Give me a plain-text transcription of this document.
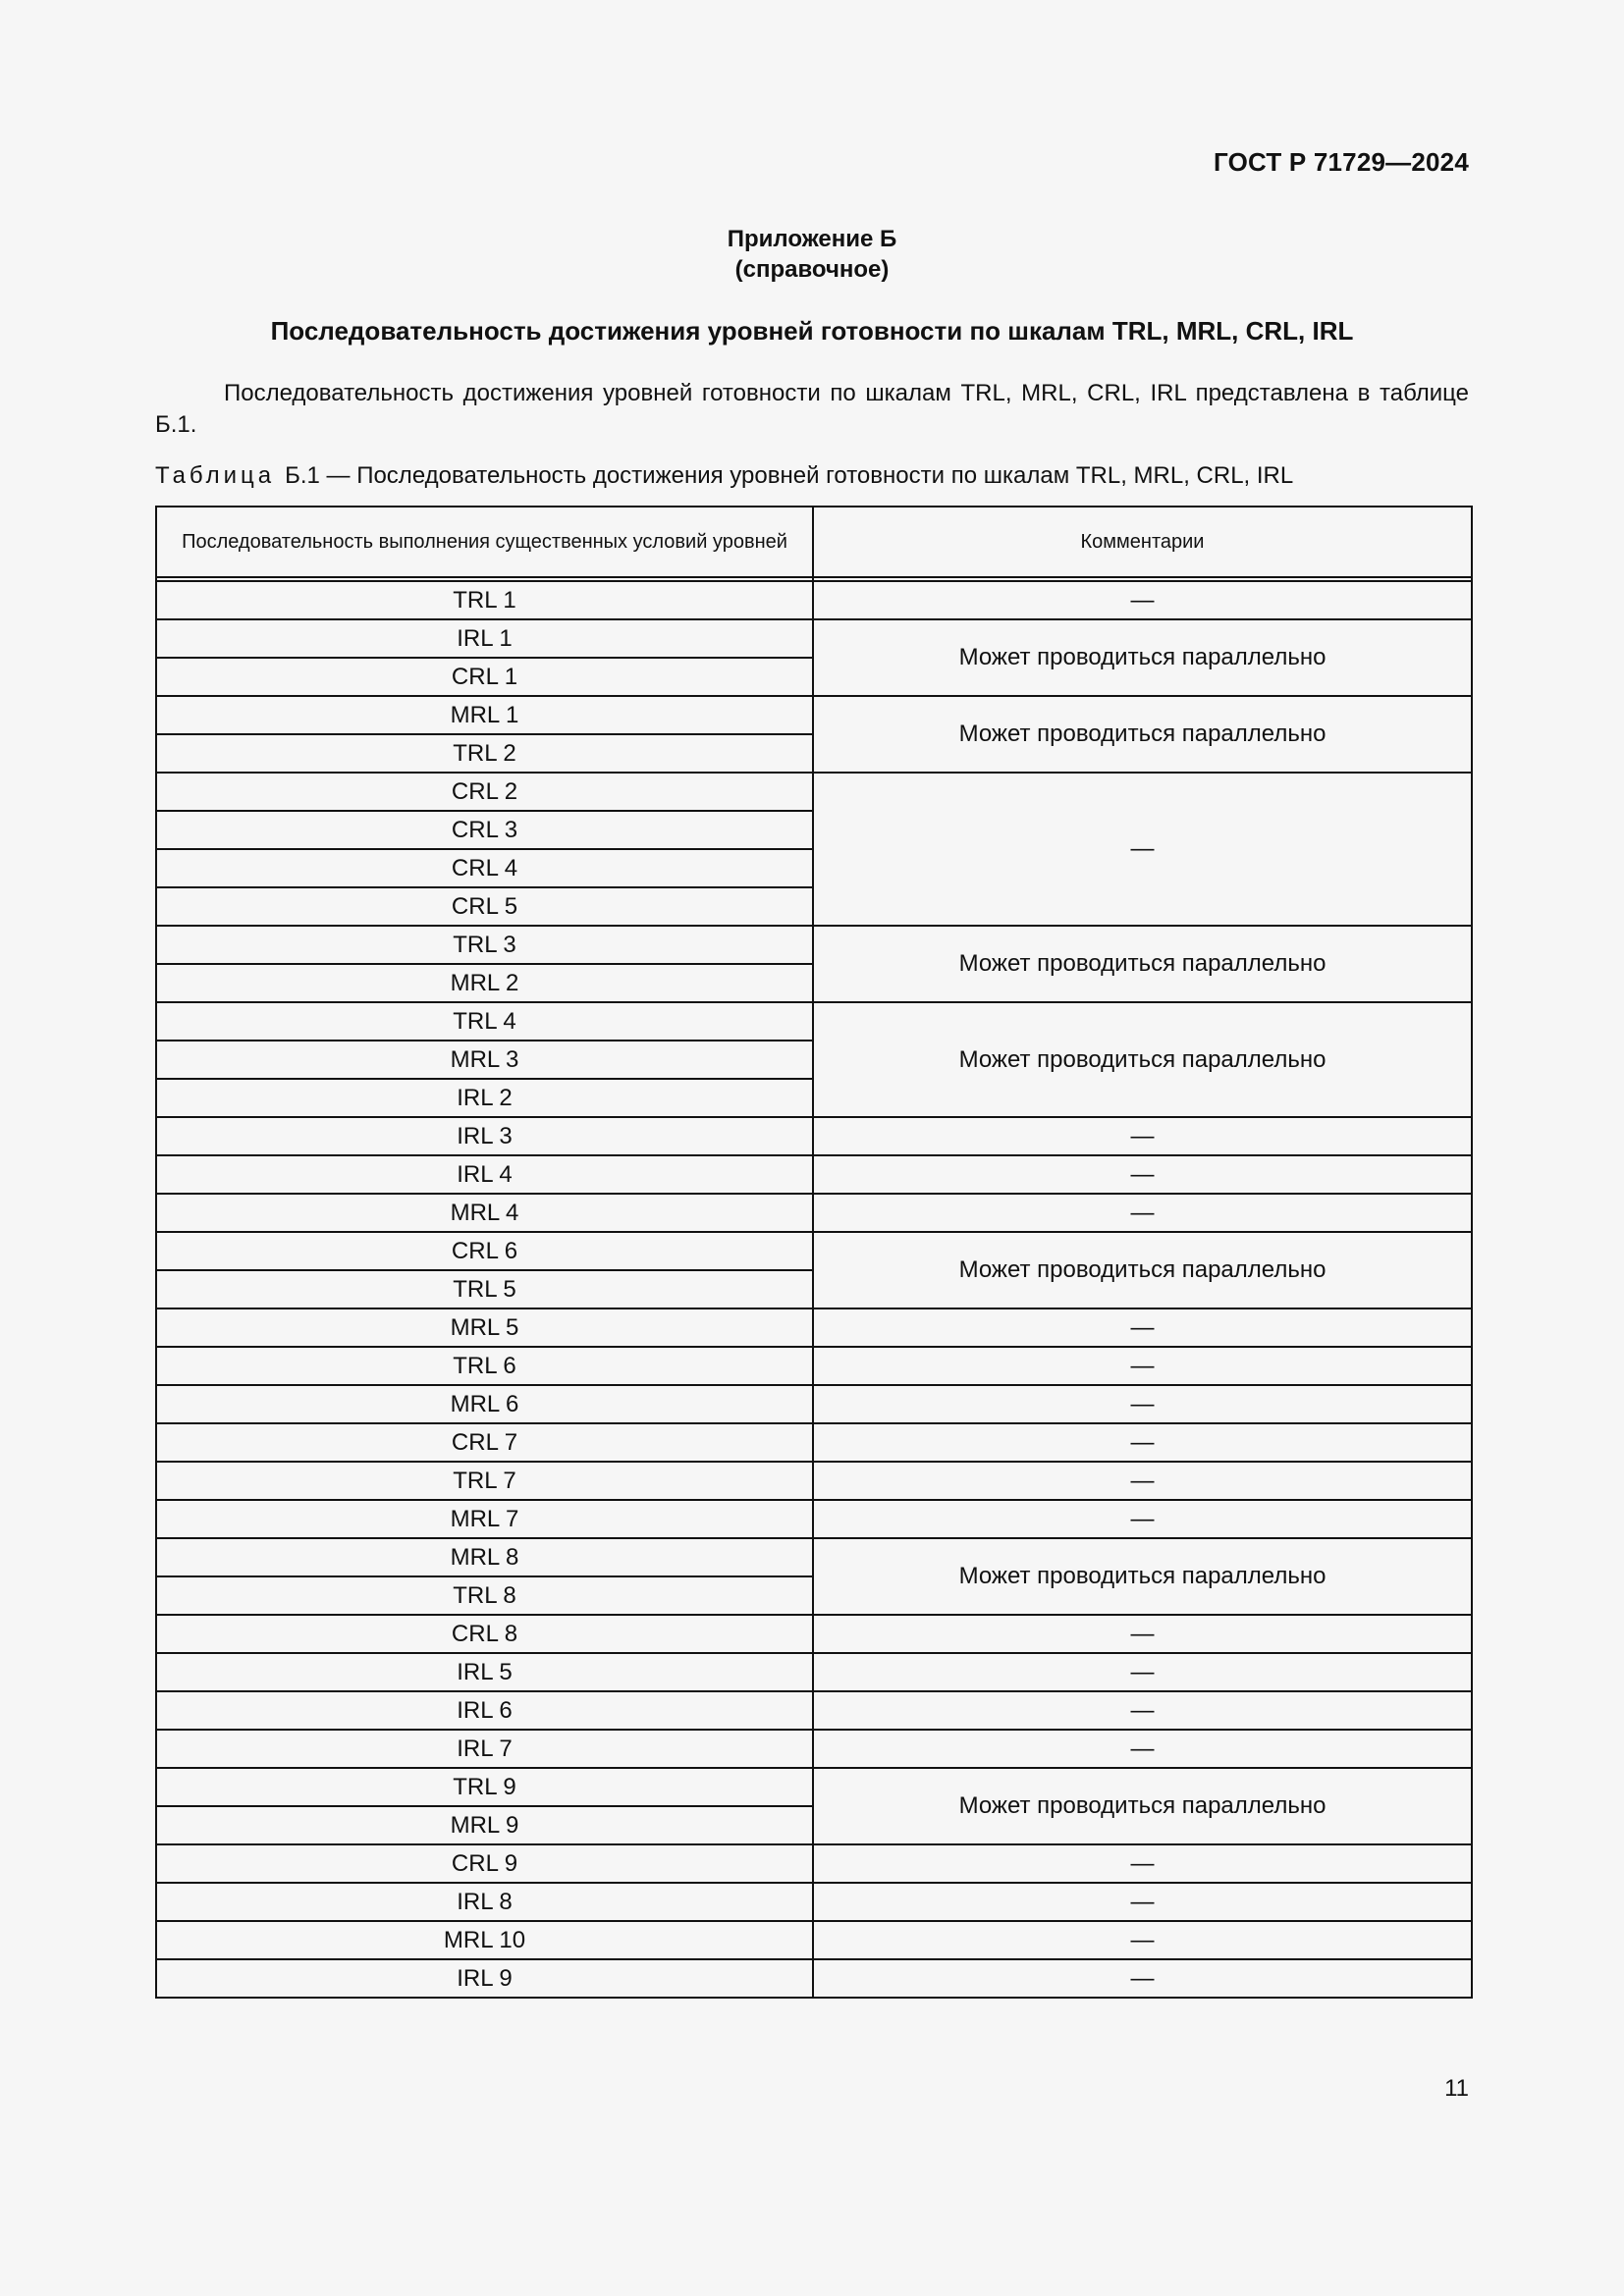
ГОСТ Р 71729—2024
Приложение Б
(справочное)
Последовательность достижения уровней готовности по шкалам TRL, MRL, CRL, IRL
Последовательность достижения уровней готовности по шкалам TRL, MRL, CRL, IRL представлена в таблице Б.1.
Таблица Б.1 — Последовательность достижения уровней готовности по шкалам TRL, MRL, CRL, IRL
Последовательность выполнения существенных условий уровней	Комментарии

TRL 1	—
IRL 1	Может проводиться параллельно
CRL 1	
MRL 1	Может проводиться параллельно
TRL 2	
CRL 2	—
CRL 3	
CRL 4	
CRL 5	
TRL 3	Может проводиться параллельно
MRL 2	
TRL 4	Может проводиться параллельно
MRL 3	
IRL 2	
IRL 3	—
IRL 4	—
MRL 4	—
CRL 6	Может проводиться параллельно
TRL 5	
MRL 5	—
TRL 6	—
MRL 6	—
CRL 7	—
TRL 7	—
MRL 7	—
MRL 8	Может проводиться параллельно
TRL 8	
CRL 8	—
IRL 5	—
IRL 6	—
IRL 7	—
TRL 9	Может проводиться параллельно
MRL 9	
CRL 9	—
IRL 8	—
MRL 10	—
IRL 9	—
11
